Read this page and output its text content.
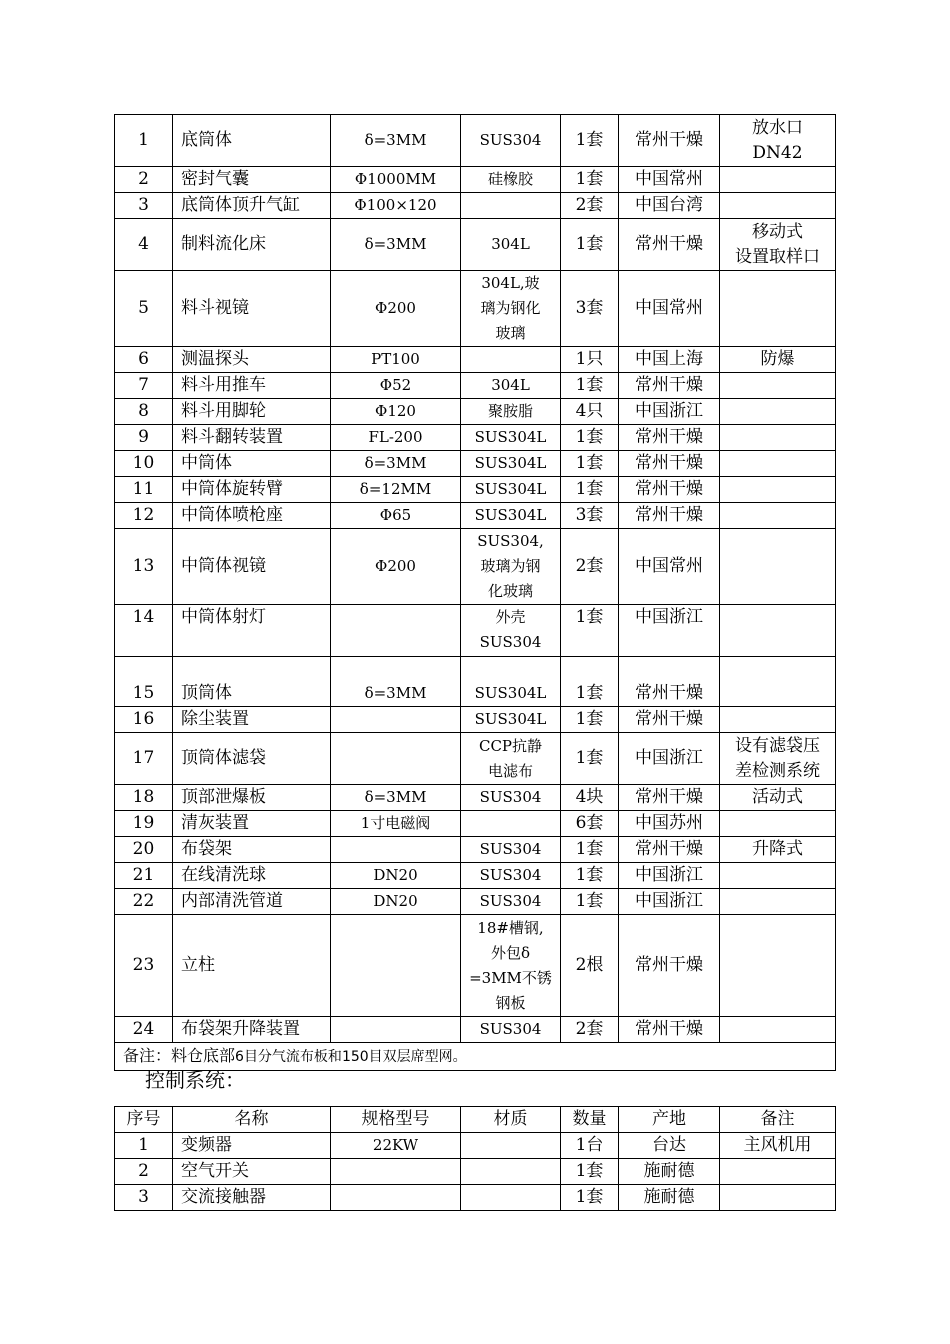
1	底筒体	δ=3MM	SUS304	1套	常州干燥	放水口
DN42
2	密封气囊	Φ1000MM	硅橡胶	1套	中国常州	
3	底筒体顶升气缸	Φ100×120		2套	中国台湾	
4	制料流化床	δ=3MM	304L	1套	常州干燥	移动式
设置取样口
5	料斗视镜	Φ200	304L,玻
璃为钢化
玻璃	3套	中国常州	
6	测温探头	PT100		1只	中国上海	防爆
7	料斗用推车	Φ52	304L	1套	常州干燥	
8	料斗用脚轮	Φ120	聚胺脂	4只	中国浙江	
9	料斗翻转装置	FL-200	SUS304L	1套	常州干燥	
10	中筒体	δ=3MM	SUS304L	1套	常州干燥	
11	中筒体旋转臂	δ=12MM	SUS304L	1套	常州干燥	
12	中筒体喷枪座	Φ65	SUS304L	3套	常州干燥	
13	中筒体视镜	Φ200	SUS304,
玻璃为钢
化玻璃	2套	中国常州	
14	中筒体射灯		外壳
SUS304	1套	中国浙江	
15	顶筒体	δ=3MM	SUS304L	1套	常州干燥	
16	除尘装置		SUS304L	1套	常州干燥	
17	顶筒体滤袋		CCP抗静
电滤布	1套	中国浙江	设有滤袋压
差检测系统
18	顶部泄爆板	δ=3MM	SUS304	4块	常州干燥	活动式
19	清灰装置	1寸电磁阀		6套	中国苏州	
20	布袋架		SUS304	1套	常州干燥	升降式
21	在线清洗球	DN20	SUS304	1套	中国浙江	
22	内部清洗管道	DN20	SUS304	1套	中国浙江	
23	立柱		18#槽钢,
外包δ
=3MM不锈
钢板	2根	常州干燥	
24	布袋架升降装置		SUS304	2套	常州干燥	
备注：料仓底部6目分气流布板和150目双层席型网。						
控制系统：
序号	名称	规格型号	材质	数量	产地	备注
1	变频器	22KW		1台	台达	主风机用
2	空气开关			1套	施耐德	
3	交流接触器			1套	施耐德	
